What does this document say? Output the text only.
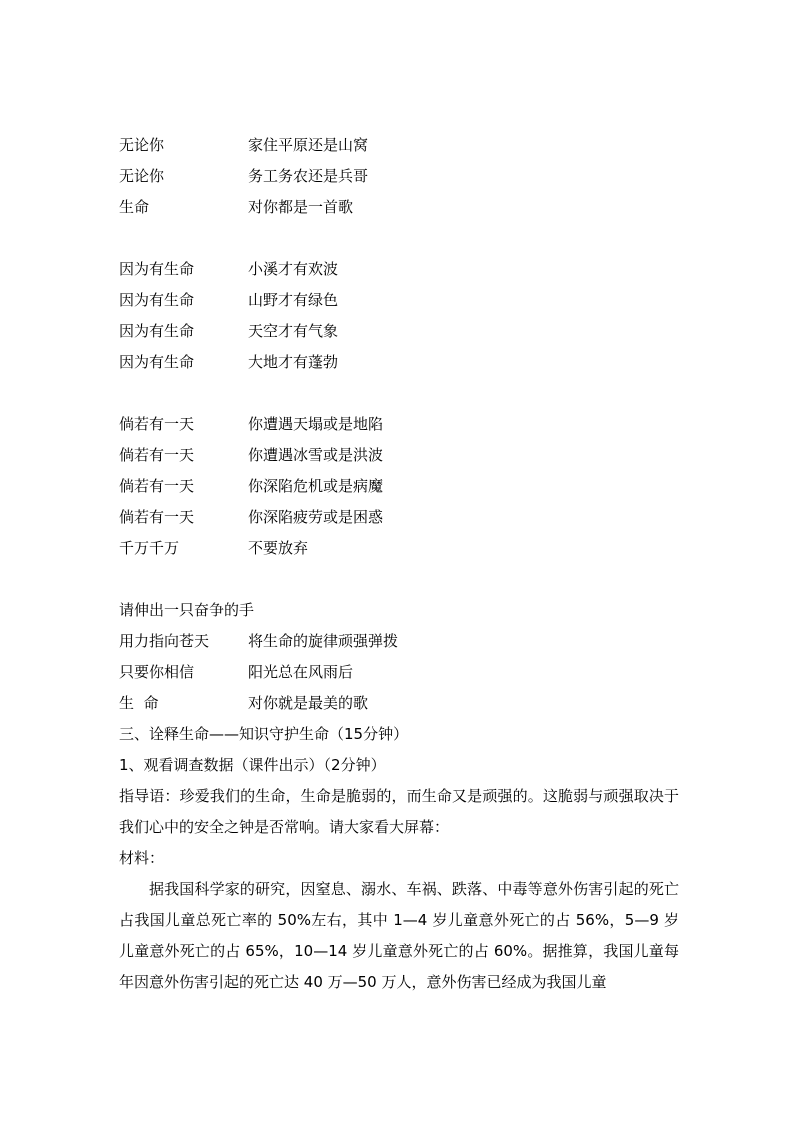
无论你	家住平原还是山窝
无论你	务工务农还是兵哥
生命	对你都是一首歌
因为有生命	小溪才有欢波
因为有生命	山野才有绿色
因为有生命	天空才有气象
因为有生命	大地才有蓬勃
倘若有一天	你遭遇天塌或是地陷
倘若有一天	你遭遇冰雪或是洪波
倘若有一天	你深陷危机或是病魔
倘若有一天	你深陷疲劳或是困惑
千万千万	不要放弃
请伸出一只奋争的手
用力指向苍天	将生命的旋律顽强弹拨
只要你相信	阳光总在风雨后
生  命	对你就是最美的歌
三、诠释生命——知识守护生命（15分钟）
1、观看调查数据（课件出示）（2分钟）

指导语：珍爱我们的生命，生命是脆弱的，而生命又是顽强的。这脆弱与顽强取决于我们心中的安全之钟是否常响。请大家看大屏幕：

材料：

据我国科学家的研究，因窒息、溺水、车祸、跌落、中毒等意外伤害引起的死亡占我国儿童总死亡率的 50%左右，其中 1—4 岁儿童意外死亡的占 56%，5—9 岁儿童意外死亡的占 65%，10—14 岁儿童意外死亡的占 60%。据推算，我国儿童每年因意外伤害引起的死亡达 40 万—50 万人，意外伤害已经成为我国儿童
